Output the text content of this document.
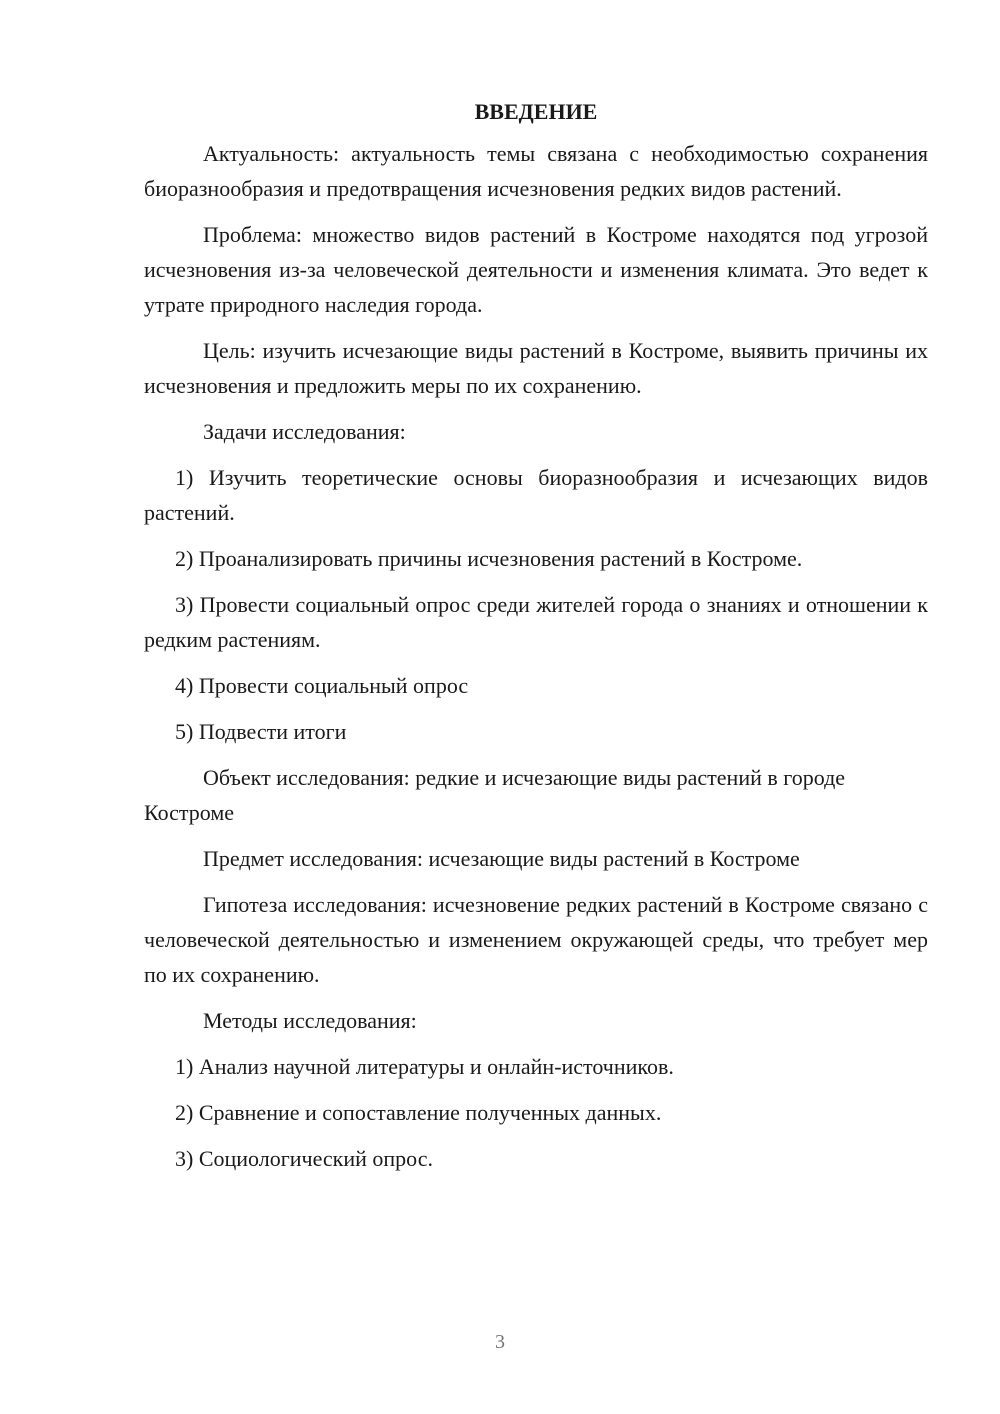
ВВЕДЕНИЕ

Актуальность: актуальность темы связана с необходимостью сохранения биоразнообразия и предотвращения исчезновения редких видов растений.

Проблема: множество видов растений в Костроме находятся под угрозой исчезновения из-за человеческой деятельности и изменения климата. Это ведет к утрате природного наследия города.

Цель: изучить исчезающие виды растений в Костроме, выявить причины их исчезновения и предложить меры по их сохранению.

Задачи исследования:

1) Изучить теоретические основы биоразнообразия и исчезающих видов растений.

2) Проанализировать причины исчезновения растений в Костроме.

3) Провести социальный опрос среди жителей города о знаниях и отношении к редким растениям.

4) Провести социальный опрос

5) Подвести итоги

Объект исследования: редкие и исчезающие виды растений в городе Костроме

Предмет исследования: исчезающие виды растений в Костроме

Гипотеза исследования: исчезновение редких растений в Костроме связано с человеческой деятельностью и изменением окружающей среды, что требует мер по их сохранению.

Методы исследования:

1) Анализ научной литературы и онлайн-источников.

2) Сравнение и сопоставление полученных данных.

3) Социологический опрос.

3
